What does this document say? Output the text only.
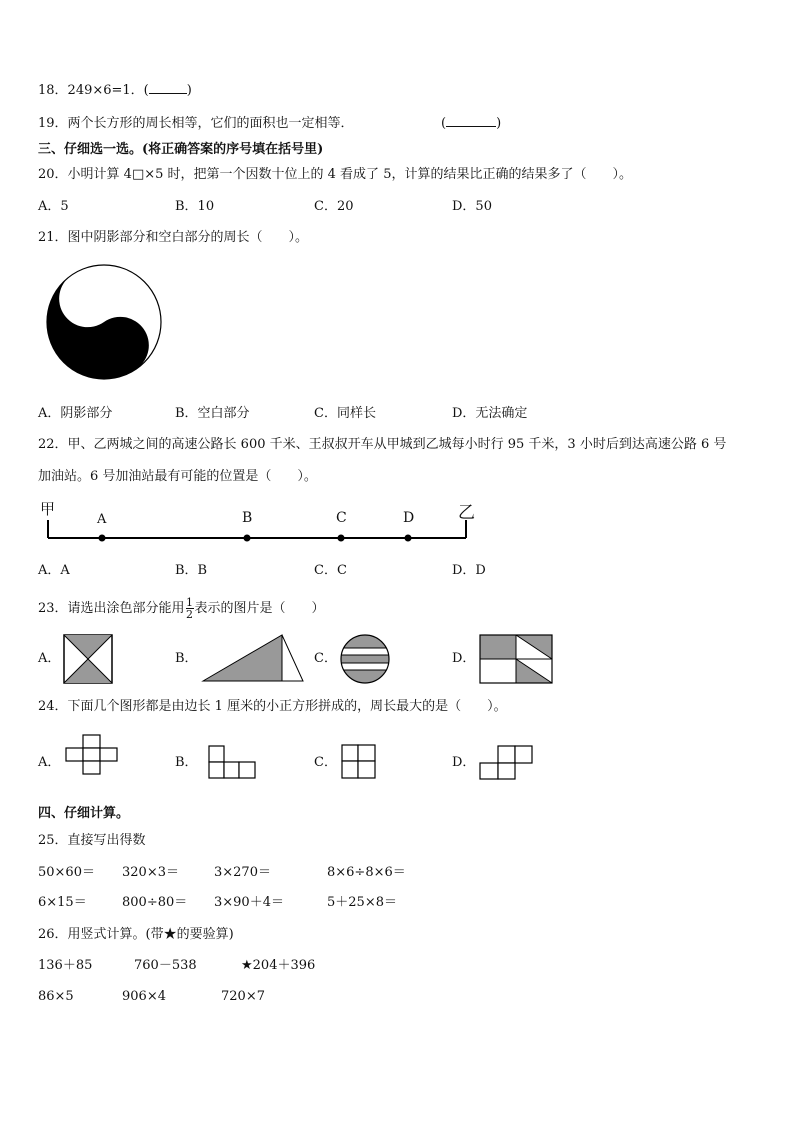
18．249×6=1．(	)
19．两个长方形的周长相等，它们的面积也一定相等．	(	)
三、仔细选一选。(将正确答案的序号填在括号里)
20．小明计算 4□×5 时，把第一个因数十位上的 4 看成了 5，计算的结果比正确的结果多了（　　）。
A．5	B．10	C．20	D．50
21．图中阴影部分和空白部分的周长（　　）。
A．阴影部分	B．空白部分	C．同样长	D．无法确定
22．甲、乙两城之间的高速公路长 600 千米、王叔叔开车从甲城到乙城每小时行 95 千米，3 小时后到达高速公路 6 号
加油站。6 号加油站最有可能的位置是（　　）。
甲	乙
A	B	C	D
A．A	B．B	C．C	D．D
23．请选出涂色部分能用 $\frac{1}{2}$ 表示的图片是（　　）
A．	B．	C．	D．
24．下面几个图形都是由边长 1 厘米的小正方形拼成的，周长最大的是（　　）。
A．	B．	C．	D．
四、仔细计算。
25．直接写出得数
50×60＝ 320×3＝	3×270＝	8×6÷8×6＝
6×15＝	800÷80＝ 3×90＋4＝	5＋25×8＝
26．用竖式计算。(带★的要验算)
136＋85	760－538	★204＋396
86×5	906×4	720×7
